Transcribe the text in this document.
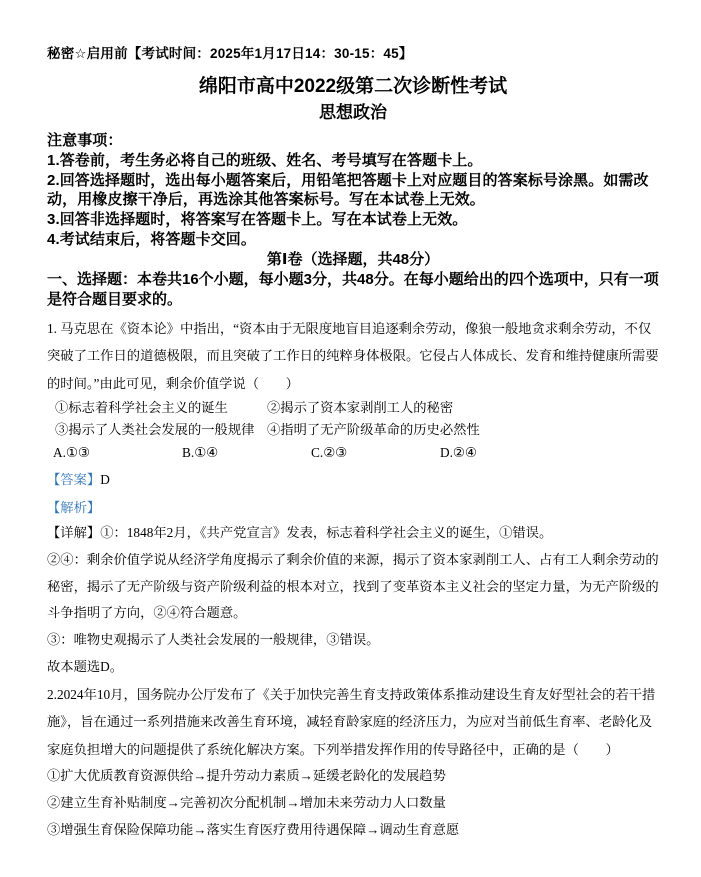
秘密☆启用前【考试时间：2025年1月17日14：30-15：45】
绵阳市高中2022级第二次诊断性考试
思想政治
注意事项：
1.答卷前，考生务必将自己的班级、姓名、考号填写在答题卡上。
2.回答选择题时，选出每小题答案后，用铅笔把答题卡上对应题目的答案标号涂黑。如需改动，用橡皮擦干净后，再选涂其他答案标号。写在本试卷上无效。
3.回答非选择题时，将答案写在答题卡上。写在本试卷上无效。
4.考试结束后，将答题卡交回。
第Ⅰ卷（选择题，共48分）
一、选择题：本卷共16个小题，每小题3分，共48分。在每小题给出的四个选项中，只有一项是符合题目要求的。
1. 马克思在《资本论》中指出，“资本由于无限度地盲目追逐剩余劳动，像狼一般地贪求剩余劳动，不仅突破了工作日的道德极限，而且突破了工作日的纯粹身体极限。它侵占人体成长、发育和维持健康所需要的时间。”由此可见，剩余价值学说（　　）
①标志着科学社会主义的诞生	②揭示了资本家剥削工人的秘密
③揭示了人类社会发展的一般规律 ④指明了无产阶级革命的历史必然性
A.①③	B.①④	C.②③	D.②④
【答案】D
【解析】
【详解】①：1848年2月，《共产党宣言》发表，标志着科学社会主义的诞生，①错误。
②④：剩余价值学说从经济学角度揭示了剩余价值的来源，揭示了资本家剥削工人、占有工人剩余劳动的秘密，揭示了无产阶级与资产阶级利益的根本对立，找到了变革资本主义社会的坚定力量，为无产阶级的斗争指明了方向，②④符合题意。
③：唯物史观揭示了人类社会发展的一般规律，③错误。
故本题选D。
2.2024年10月，国务院办公厅发布了《关于加快完善生育支持政策体系推动建设生育友好型社会的若干措施》，旨在通过一系列措施来改善生育环境，减轻育龄家庭的经济压力，为应对当前低生育率、老龄化及家庭负担增大的问题提供了系统化解决方案。下列举措发挥作用的传导路径中，正确的是（　　）
①扩大优质教育资源供给→提升劳动力素质→延缓老龄化的发展趋势
②建立生育补贴制度→完善初次分配机制→增加未来劳动力人口数量
③增强生育保险保障功能→落实生育医疗费用待遇保障→调动生育意愿
